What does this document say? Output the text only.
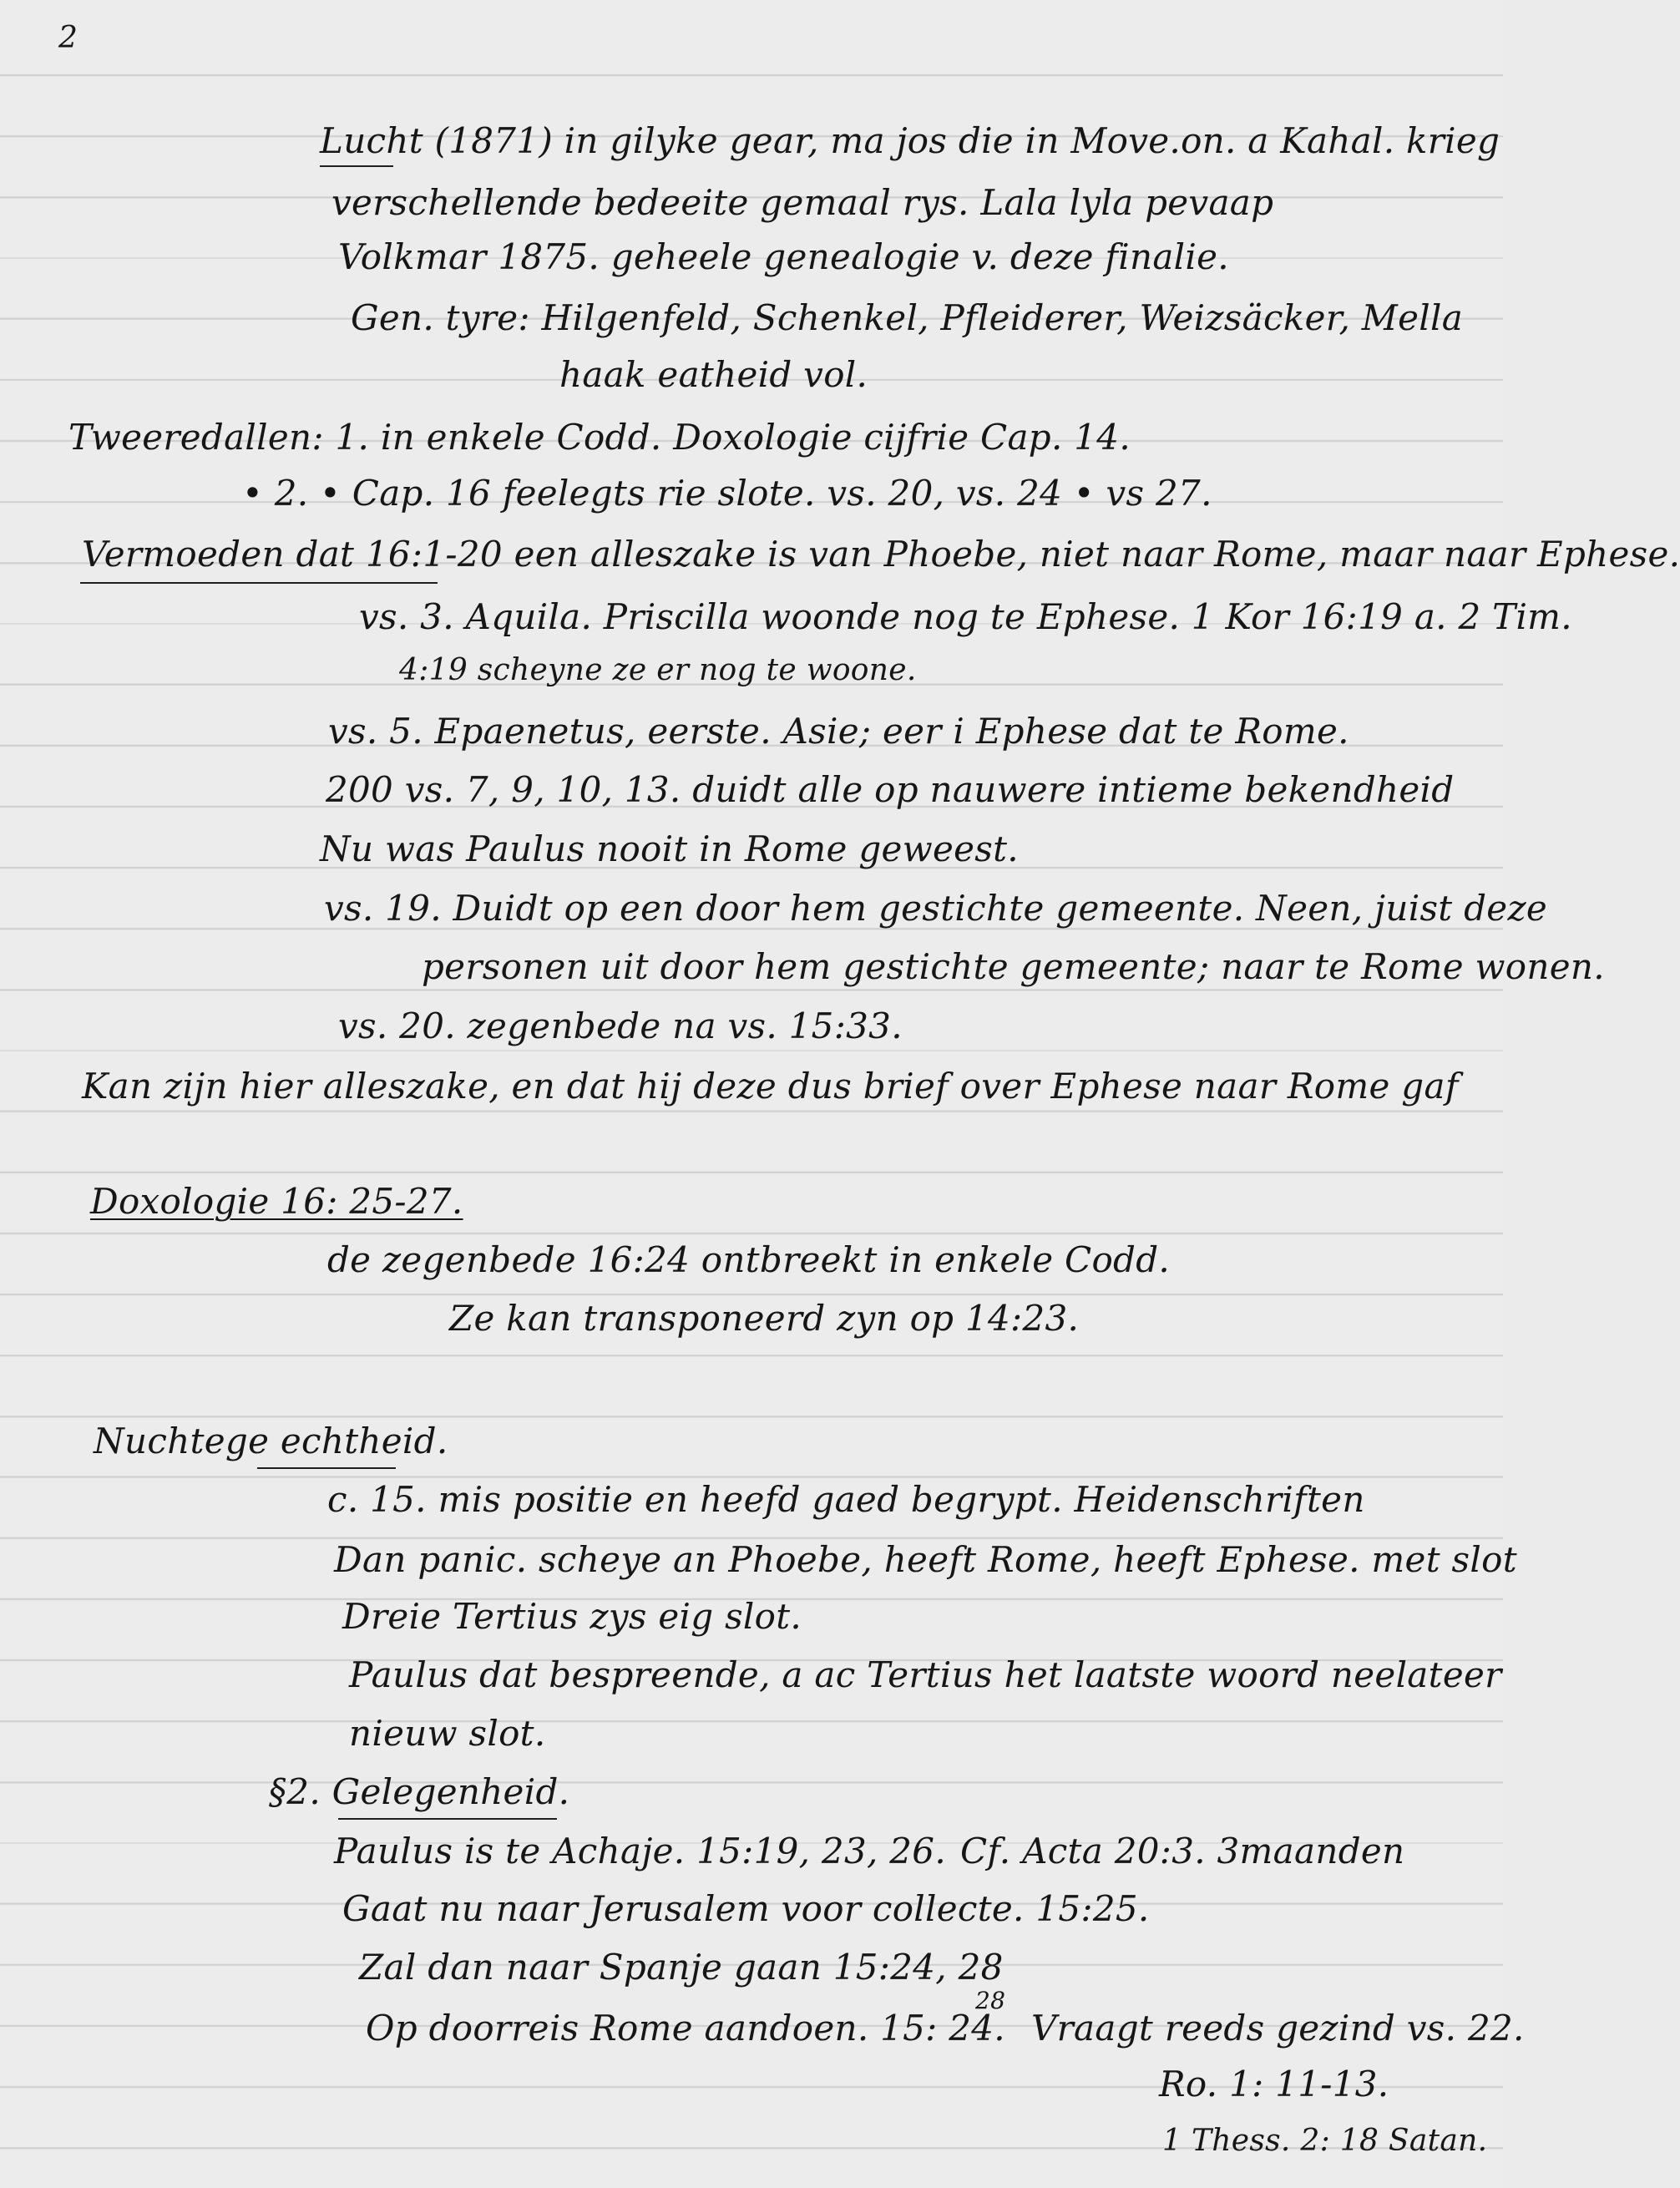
2
Lucht (1871) in gilyke gear, ma jos die in Move.on. a Kahal. krieg
verschellende bedeeite gemaal rys. Lala lyla pevaap
Volkmar 1875. geheele genealogie v. deze finalie.
Gen. tyre: Hilgenfeld, Schenkel, Pfleiderer, Weizsäcker, Mella
haak eatheid vol.
Tweeredallen: 1. in enkele Codd. Doxologie cijfrie Cap. 14.
• 2. • Cap. 16 feelegts rie slote. vs. 20, vs. 24 • vs 27.
Vermoeden dat 16:1-20 een alleszake is van Phoebe, niet naar Rome, maar naar Ephese.
vs. 3. Aquila. Priscilla woonde nog te Ephese. 1 Kor 16:19 a. 2 Tim.
4:19 scheyne ze er nog te woone.
vs. 5. Epaenetus, eerste. Asie; eer i Ephese dat te Rome.
200 vs. 7, 9, 10, 13. duidt alle op nauwere intieme bekendheid
Nu was Paulus nooit in Rome geweest.
vs. 19. Duidt op een door hem gestichte gemeente. Neen, juist deze
personen uit door hem gestichte gemeente; naar te Rome wonen.
vs. 20. zegenbede na vs. 15:33.
Kan zijn hier alleszake, en dat hij deze dus brief over Ephese naar Rome gaf
Doxologie 16: 25-27.
de zegenbede 16:24 ontbreekt in enkele Codd.
Ze kan transponeerd zyn op 14:23.
Nuchtege echtheid.
c. 15. mis positie en heefd gaed begrypt. Heidenschriften
Dan panic. scheye an Phoebe, heeft Rome, heeft Ephese. met slot
Dreie Tertius zys eig slot.
Paulus dat bespreende, a ac Tertius het laatste woord neelateer
nieuw slot.
§2. Gelegenheid.
Paulus is te Achaje. 15:19, 23, 26. Cf. Acta 20:3. 3maanden
Gaat nu naar Jerusalem voor collecte. 15:25.
Zal dan naar Spanje gaan 15:24, 28
Op doorreis Rome aandoen. 15: 24.
28
Vraagt reeds gezind vs. 22.
Ro. 1: 11-13.
1 Thess. 2: 18 Satan.
